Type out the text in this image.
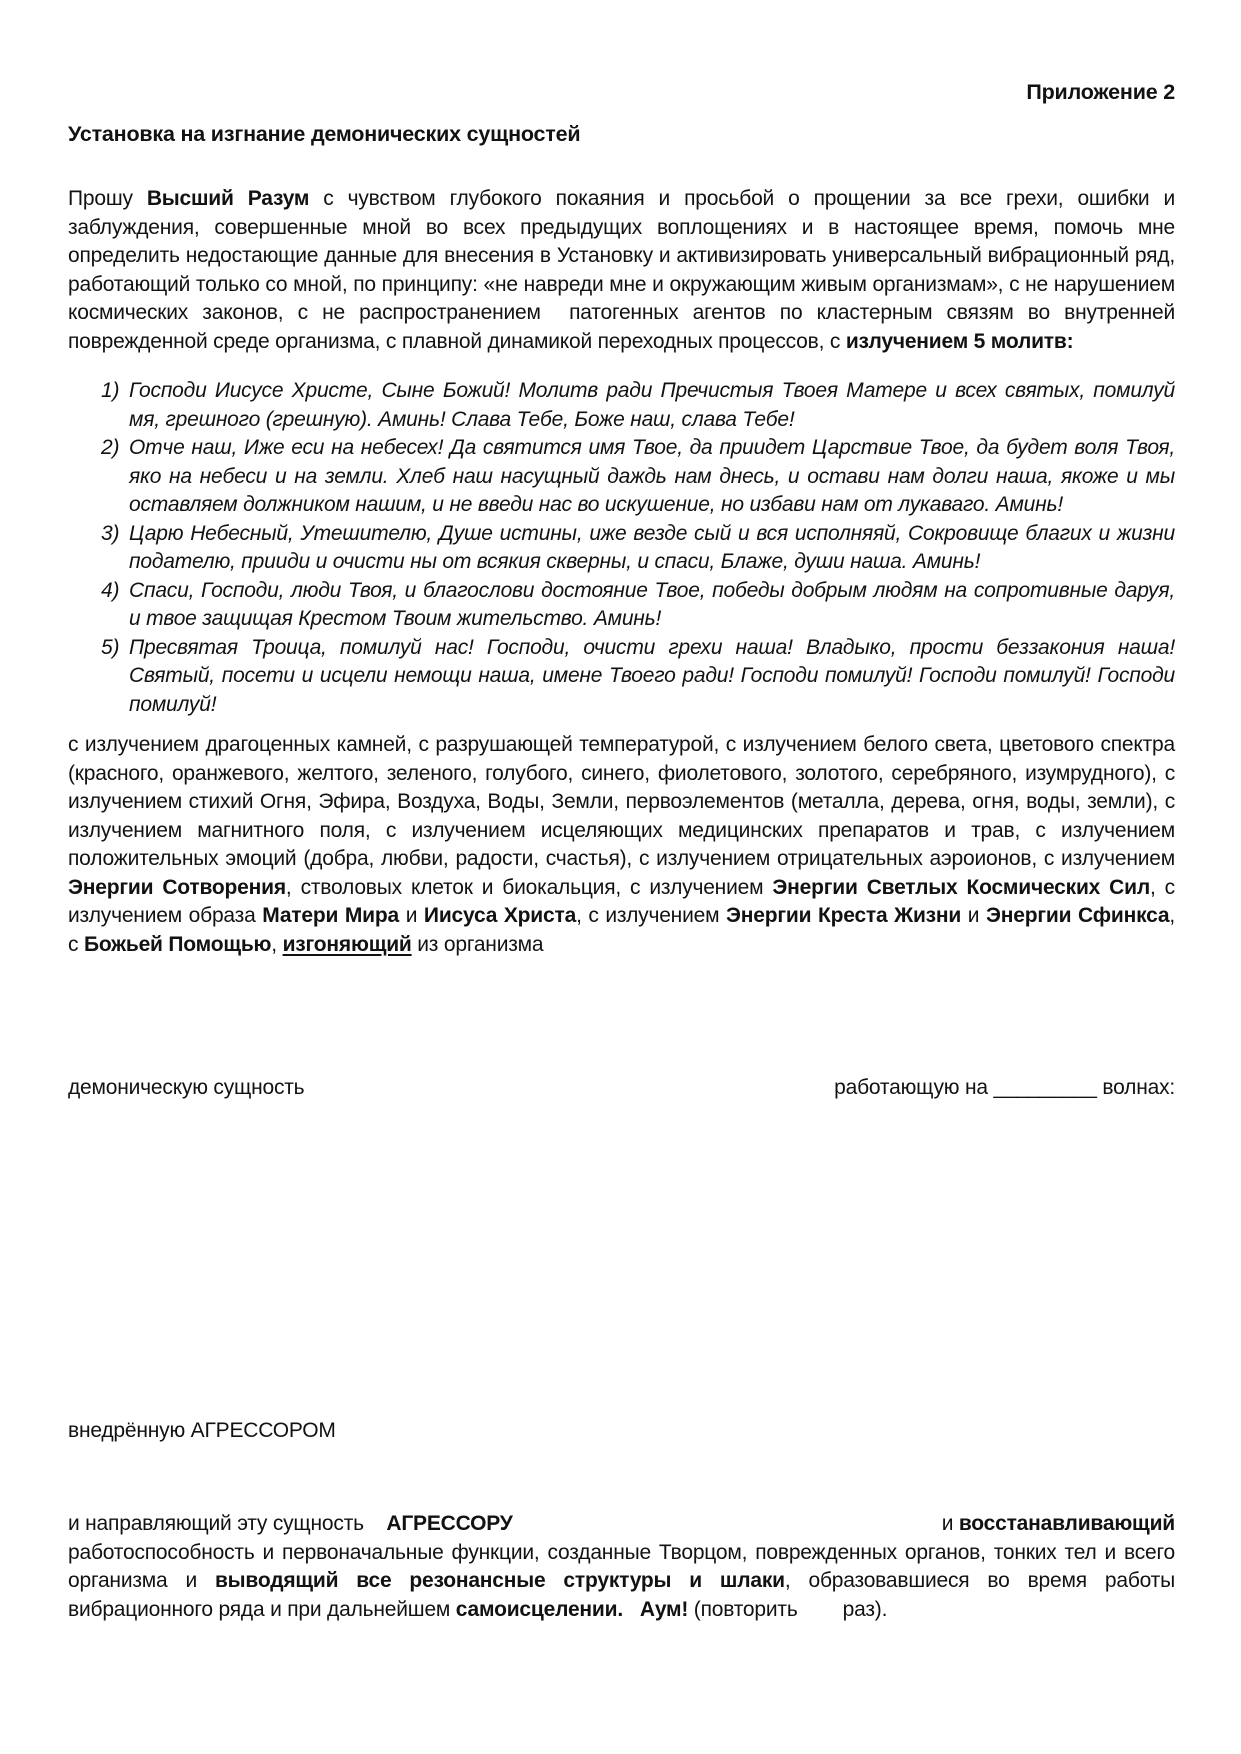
Приложение 2
Установка на изгнание демонических сущностей

Прошу Высший Разум с чувством глубокого покаяния и просьбой о прощении за все грехи, ошибки и заблуждения, совершенные мной во всех предыдущих воплощениях и в настоящее время, помочь мне определить недостающие данные для внесения в Установку и активизировать универсальный вибрационный ряд, работающий только со мной, по принципу: «не навреди мне и окружающим живым организмам», с не нарушением космических законов, с не распространением  патогенных агентов по кластерным связям во внутренней поврежденной среде организма, с плавной динамикой переходных процессов, с излучением 5 молитв:

1) Господи Иисусе Христе, Сыне Божий! Молитв ради Пречистыя Твоея Матере и всех святых, помилуй мя, грешного (грешную). Аминь! Слава Тебе, Боже наш, слава Тебе!
2) Отче наш, Иже еси на небесех! Да святится имя Твое, да приидет Царствие Твое, да будет воля Твоя, яко на небеси и на земли. Хлеб наш насущный даждь нам днесь, и остави нам долги наша, якоже и мы оставляем должником нашим, и не введи нас во искушение, но избави нам от лукаваго. Аминь!
3) Царю Небесный, Утешителю, Душе истины, иже везде сый и вся исполняяй, Сокровище благих и жизни подателю, прииди и очисти ны от всякия скверны, и спаси, Блаже, души наша. Аминь!
4) Спаси, Господи, люди Твоя, и благослови достояние Твое, победы добрым людям на сопротивные даруя, и твое защищая Крестом Твоим жительство. Аминь!
5) Пресвятая Троица, помилуй нас! Господи, очисти грехи наша! Владыко, прости беззакония наша! Святый, посети и исцели немощи наша, имене Твоего ради! Господи помилуй! Господи помилуй! Господи помилуй!

с излучением драгоценных камней, с разрушающей температурой, с излучением белого света, цветового спектра (красного, оранжевого, желтого, зеленого, голубого, синего, фиолетового, золотого, серебряного, изумрудного), с излучением стихий Огня, Эфира, Воздуха, Воды, Земли, первоэлементов (металла, дерева, огня, воды, земли), с излучением магнитного поля, с излучением исцеляющих медицинских препаратов и трав, с излучением положительных эмоций (добра, любви, радости, счастья), с излучением отрицательных аэроионов, с излучением Энергии Сотворения, стволовых клеток и биокальция, с излучением Энергии Светлых Космических Сил, с излучением образа Матери Мира и Иисуса Христа, с излучением Энергии Креста Жизни и Энергии Сфинкса, с Божьей Помощью, изгоняющий из организма

демоническую сущность	работающую на _________ волнах:
внедрённую АГРЕССОРОМ
и направляющий эту сущность    АГРЕССОРУ	и восстанавливающий

работоспособность и первоначальные функции, созданные Творцом, поврежденных органов, тонких тел и всего организма и выводящий все резонансные структуры и шлаки, образовавшиеся во время работы вибрационного ряда и при дальнейшем самоисцелении. Аум! (повторить        раз).
